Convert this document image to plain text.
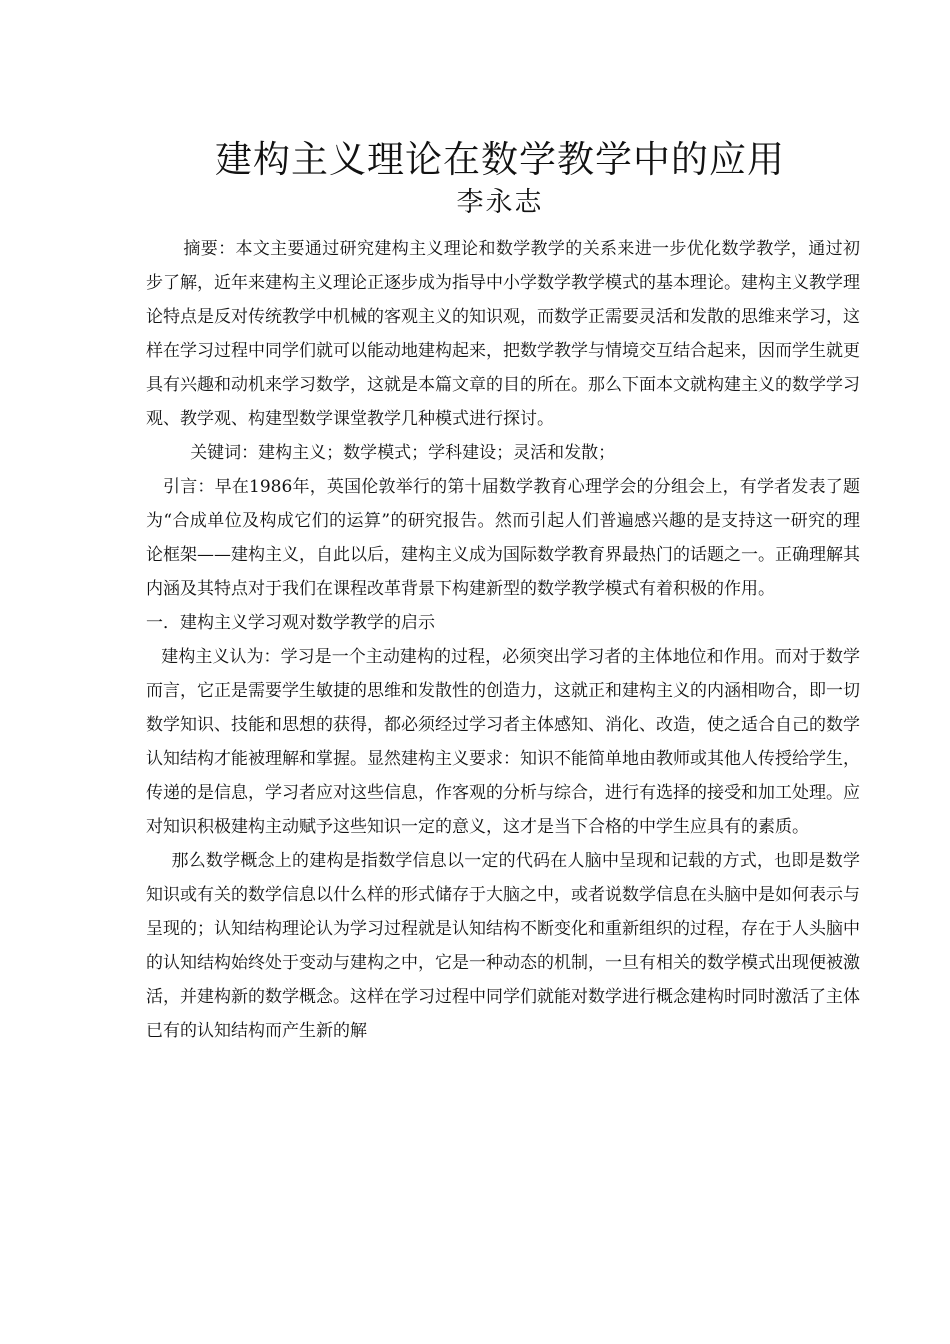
建构主义理论在数学教学中的应用
李永志

摘要：本文主要通过研究建构主义理论和数学教学的关系来进一步优化数学教学，通过初步了解，近年来建构主义理论正逐步成为指导中小学数学教学模式的基本理论。建构主义教学理论特点是反对传统教学中机械的客观主义的知识观，而数学正需要灵活和发散的思维来学习，这样在学习过程中同学们就可以能动地建构起来，把数学教学与情境交互结合起来，因而学生就更具有兴趣和动机来学习数学，这就是本篇文章的目的所在。那么下面本文就构建主义的数学学习观、教学观、构建型数学课堂教学几种模式进行探讨。

关键词：建构主义；数学模式；学科建设；灵活和发散；

引言：早在1986年，英国伦敦举行的第十届数学教育心理学会的分组会上，有学者发表了题为“合成单位及构成它们的运算”的研究报告。然而引起人们普遍感兴趣的是支持这一研究的理论框架——建构主义，自此以后，建构主义成为国际数学教育界最热门的话题之一。正确理解其内涵及其特点对于我们在课程改革背景下构建新型的数学教学模式有着积极的作用。

一．建构主义学习观对数学教学的启示

建构主义认为：学习是一个主动建构的过程，必须突出学习者的主体地位和作用。而对于数学而言，它正是需要学生敏捷的思维和发散性的创造力，这就正和建构主义的内涵相吻合，即一切数学知识、技能和思想的获得，都必须经过学习者主体感知、消化、改造，使之适合自己的数学认知结构才能被理解和掌握。显然建构主义要求：知识不能简单地由教师或其他人传授给学生，传递的是信息，学习者应对这些信息，作客观的分析与综合，进行有选择的接受和加工处理。应对知识积极建构主动赋予这些知识一定的意义，这才是当下合格的中学生应具有的素质。

那么数学概念上的建构是指数学信息以一定的代码在人脑中呈现和记载的方式，也即是数学知识或有关的数学信息以什么样的形式储存于大脑之中，或者说数学信息在头脑中是如何表示与呈现的；认知结构理论认为学习过程就是认知结构不断变化和重新组织的过程，存在于人头脑中的认知结构始终处于变动与建构之中，它是一种动态的机制，一旦有相关的数学模式出现便被激活，并建构新的数学概念。这样在学习过程中同学们就能对数学进行概念建构时同时激活了主体已有的认知结构而产生新的解
